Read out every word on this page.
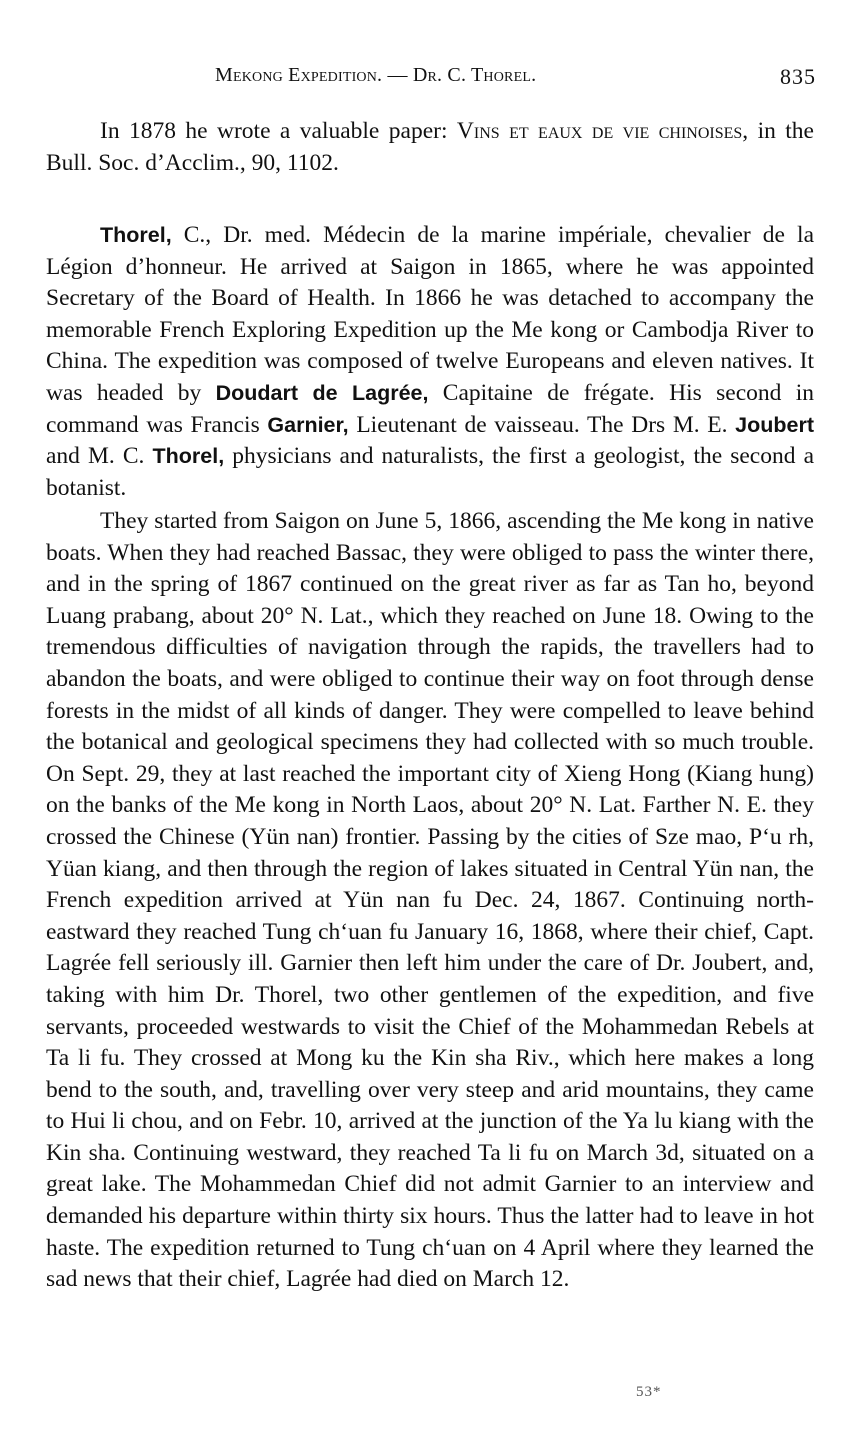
Mekong Expedition. — Dr. C. Thorel.	835

In 1878 he wrote a valuable paper: Vins et eaux de vie chinoises, in the Bull. Soc. d’Acclim., 90, 1102.

Thorel, C., Dr. med. Médecin de la marine impériale, chevalier de la Légion d’honneur. He arrived at Saigon in 1865, where he was appointed Secretary of the Board of Health. In 1866 he was detached to accompany the memorable French Exploring Expedition up the Me kong or Cambodja River to China. The expedition was composed of twelve Europeans and eleven natives. It was headed by Doudart de Lagrée, Capitaine de frégate. His second in command was Francis Garnier, Lieutenant de vaisseau. The Drs M. E. Joubert and M. C. Thorel, physicians and naturalists, the first a geologist, the second a botanist.

They started from Saigon on June 5, 1866, ascending the Me kong in native boats. When they had reached Bassac, they were obliged to pass the winter there, and in the spring of 1867 continued on the great river as far as Tan ho, beyond Luang prabang, about 20° N. Lat., which they reached on June 18. Owing to the tremendous difficulties of navigation through the rapids, the travellers had to abandon the boats, and were obliged to continue their way on foot through dense forests in the midst of all kinds of danger. They were compelled to leave behind the botanical and geological specimens they had collected with so much trouble. On Sept. 29, they at last reached the important city of Xieng Hong (Kiang hung) on the banks of the Me kong in North Laos, about 20° N. Lat. Farther N. E. they crossed the Chinese (Yün nan) frontier. Passing by the cities of Sze mao, P‘u rh, Yüan kiang, and then through the region of lakes situated in Central Yün nan, the French expedition arrived at Yün nan fu Dec. 24, 1867. Continuing north-eastward they reached Tung ch‘uan fu January 16, 1868, where their chief, Capt. Lagrée fell seriously ill. Garnier then left him under the care of Dr. Joubert, and, taking with him Dr. Thorel, two other gentlemen of the expedition, and five servants, proceeded westwards to visit the Chief of the Mohammedan Rebels at Ta li fu. They crossed at Mong ku the Kin sha Riv., which here makes a long bend to the south, and, travelling over very steep and arid mountains, they came to Hui li chou, and on Febr. 10, arrived at the junction of the Ya lu kiang with the Kin sha. Continuing westward, they reached Ta li fu on March 3d, situated on a great lake. The Mohammedan Chief did not admit Garnier to an interview and demanded his departure within thirty six hours. Thus the latter had to leave in hot haste. The expedition returned to Tung ch‘uan on 4 April where they learned the sad news that their chief, Lagrée had died on March 12.

53*
